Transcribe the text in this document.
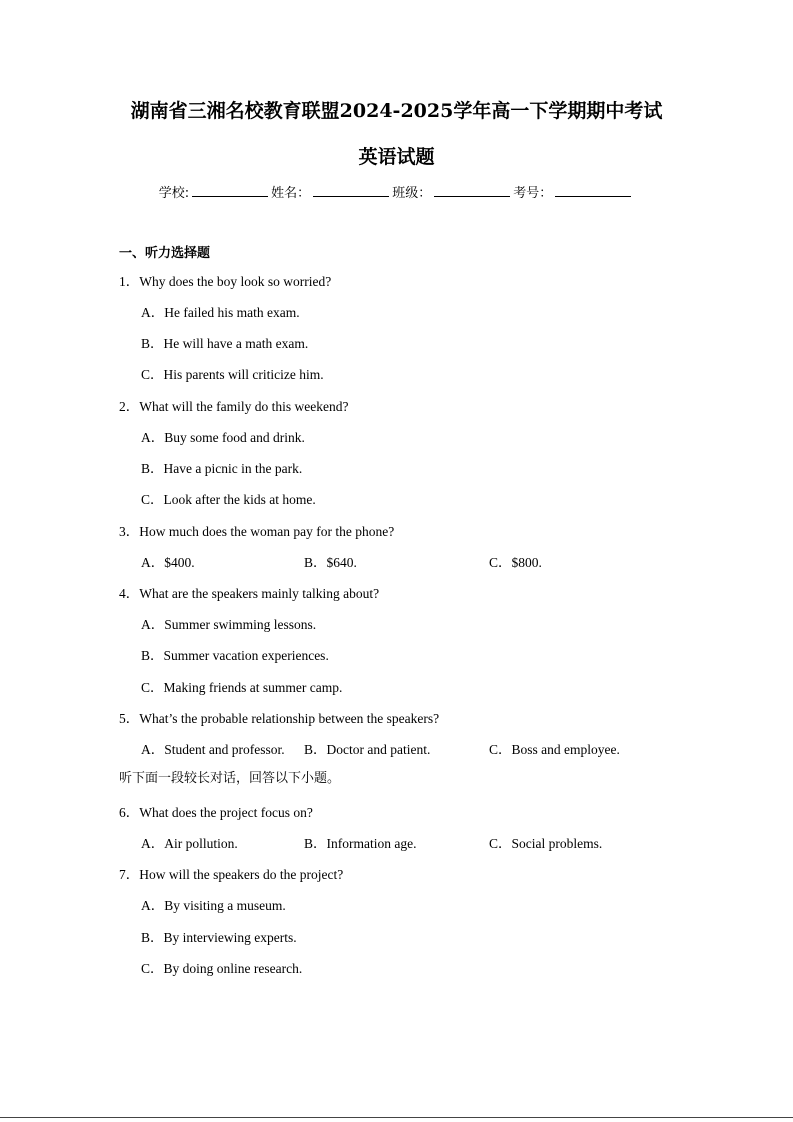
湖南省三湘名校教育联盟2024-2025学年高一下学期期中考试
英语试题
学校:	姓名：	班级：	考号：
一、听力选择题
1．Why does the boy look so worried?
A．He failed his math exam.
B．He will have a math exam.
C．His parents will criticize him.
2．What will the family do this weekend?
A．Buy some food and drink.
B．Have a picnic in the park.
C．Look after the kids at home.
3．How much does the woman pay for the phone?
A．$400.	B．$640.	C．$800.
4．What are the speakers mainly talking about?
A．Summer swimming lessons.
B．Summer vacation experiences.
C．Making friends at summer camp.
5．What’s the probable relationship between the speakers?
A．Student and professor. B．Doctor and patient.	C．Boss and employee.
听下面一段较长对话，回答以下小题。
6．What does the project focus on?
A．Air pollution.	B．Information age.	C．Social problems.
7．How will the speakers do the project?
A．By visiting a museum.
B．By interviewing experts.
C．By doing online research.
